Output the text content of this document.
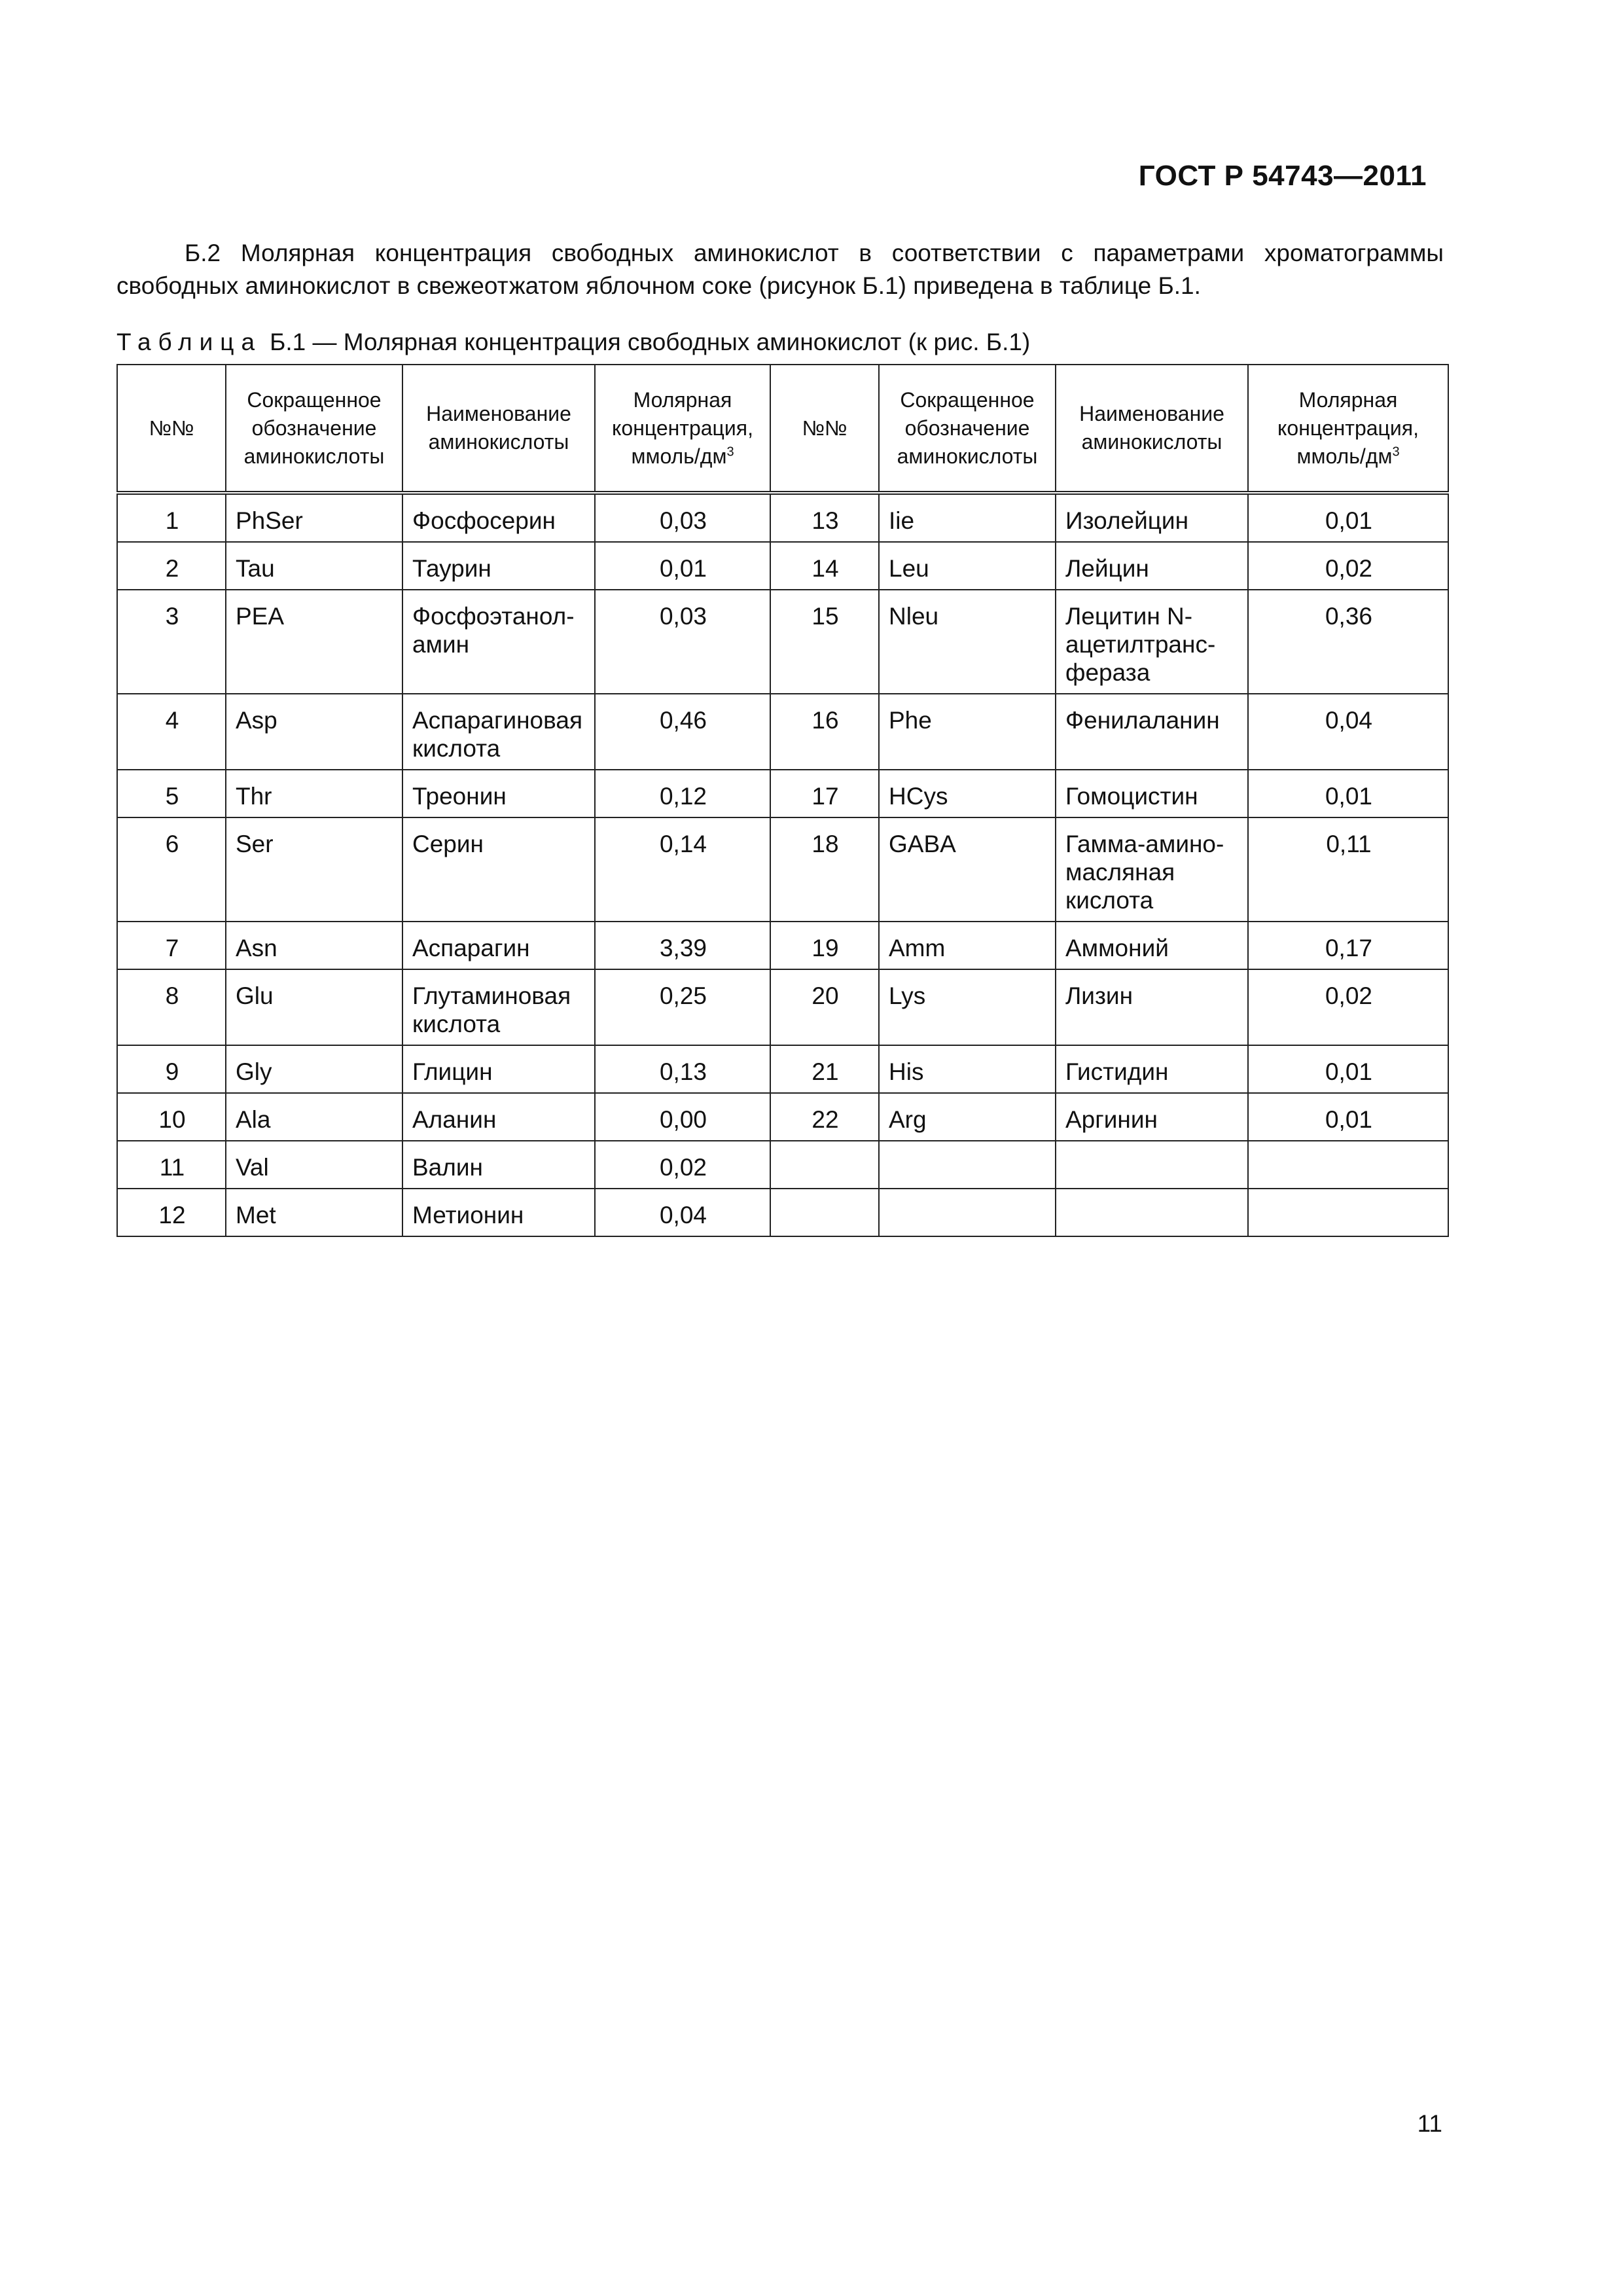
ГОСТ Р 54743—2011

Б.2 Молярная концентрация свободных аминокислот в соответствии с параметрами хроматограммы свободных аминокислот в свежеотжатом яблочном соке (рисунок Б.1) приведена в таблице Б.1.

Таблица Б.1 — Молярная концентрация свободных аминокислот (к рис. Б.1)
№№	Сокращенное обозначение аминокислоты	Наименование аминокислоты	Молярная концентрация, ммоль/$дм^3$	№№	Сокращенное обозначение аминокислоты	Наименование аминокислоты	Молярная концентрация, ммоль/$дм^3$
1	PhSer	Фосфосерин	0,03	13	Iie	Изолейцин	0,01
2	Tau	Таурин	0,01	14	Leu	Лейцин	0,02
3	PEA	Фосфоэтанол-амин	0,03	15	Nleu	Лецитин N-ацетилтранс-фераза	0,36
4	Asp	Аспарагиновая кислота	0,46	16	Phe	Фенилаланин	0,04
5	Thr	Треонин	0,12	17	HCys	Гомоцистин	0,01
6	Ser	Серин	0,14	18	GABA	Гамма-амино-масляная кислота	0,11
7	Asn	Аспарагин	3,39	19	Amm	Аммоний	0,17
8	Glu	Глутаминовая кислота	0,25	20	Lys	Лизин	0,02
9	Gly	Глицин	0,13	21	His	Гистидин	0,01
10	Ala	Аланин	0,00	22	Arg	Аргинин	0,01
11	Val	Валин	0,02				
12	Met	Метионин	0,04				
11
